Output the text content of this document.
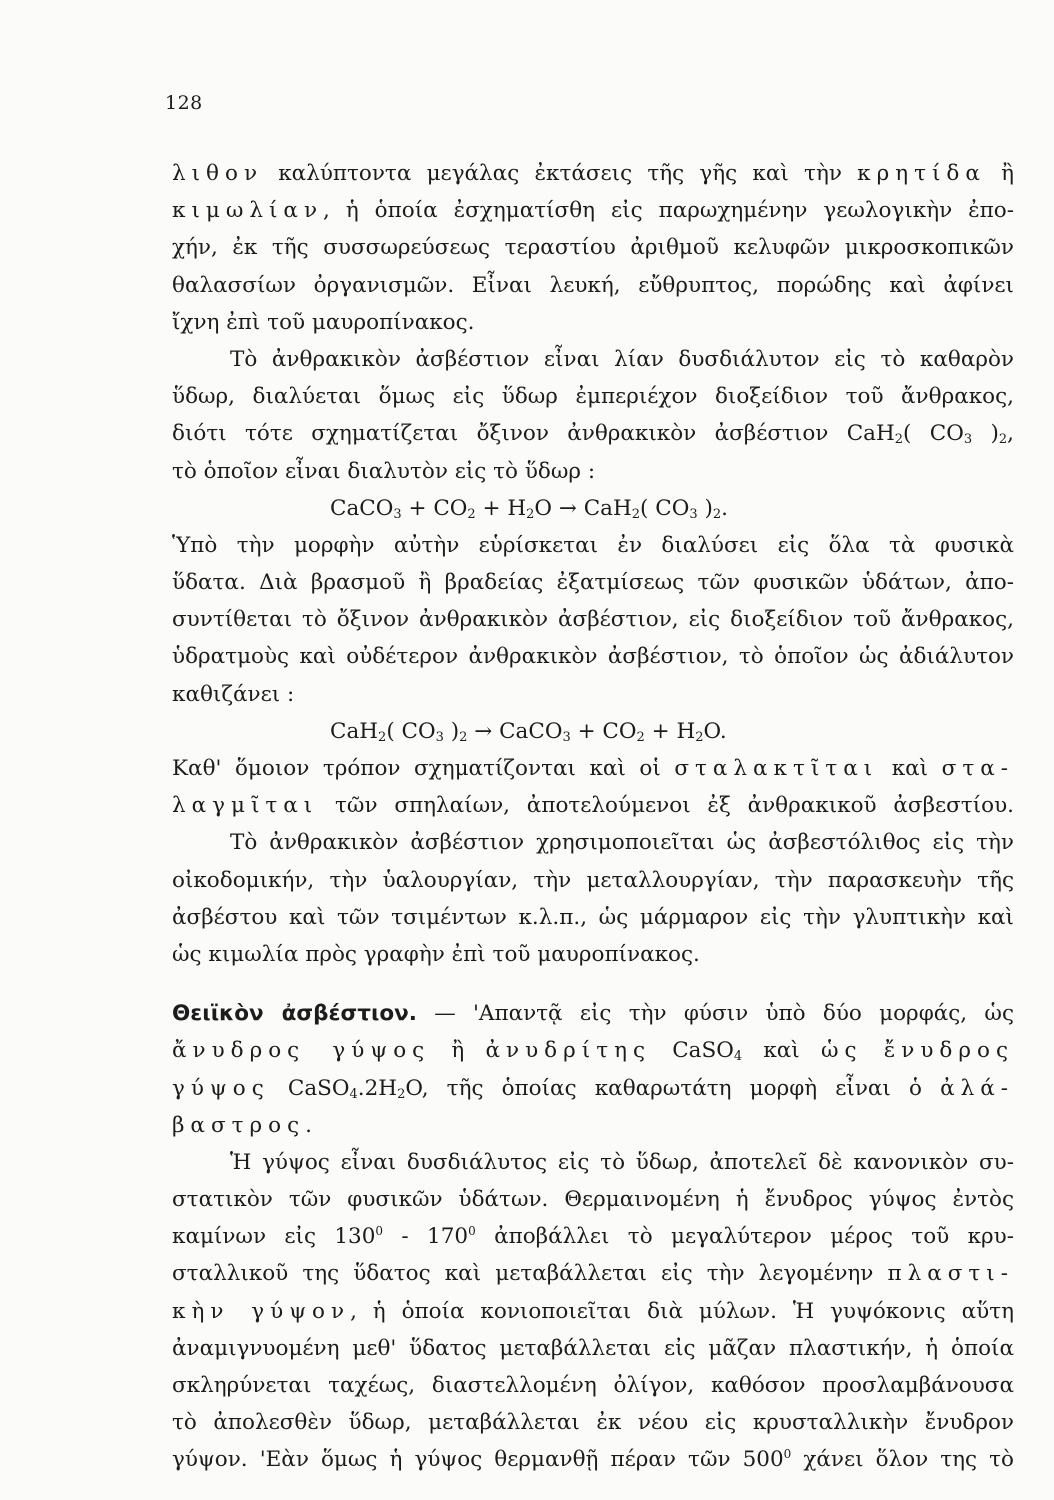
128
λιθον καλύπτοντα μεγάλας ἐκτάσεις τῆς γῆς καὶ τὴν κρητίδα ἢ
κιμωλίαν, ἡ ὁποία ἐσχηματίσθη εἰς παρωχημένην γεωλογικὴν ἐπο-
χήν, ἐκ τῆς συσσωρεύσεως τεραστίου ἀριθμοῦ κελυφῶν μικροσκοπικῶν
θαλασσίων ὀργανισμῶν. Εἶναι λευκή, εὔθρυπτος, πορώδης καὶ ἀφίνει
ἴχνη ἐπὶ τοῦ μαυροπίνακος.
Τὸ ἀνθρακικὸν ἀσβέστιον εἶναι λίαν δυσδιάλυτον εἰς τὸ καθαρὸν
ὕδωρ, διαλύεται ὅμως εἰς ὕδωρ ἐμπεριέχον διοξείδιον τοῦ ἄνθρακος,
διότι τότε σχηματίζεται ὄξινον ἀνθρακικὸν ἀσβέστιον CaH$_2$( $CO_3$ )$_2$,
τὸ ὁποῖον εἶναι διαλυτὸν εἰς τὸ ὕδωρ :
CaCO$_3$ + $CO_2 + H_2O \to CaH_2$( $CO_3$ )$_2$.
Ὑπὸ τὴν μορφὴν αὐτὴν εὑρίσκεται ἐν διαλύσει εἰς ὅλα τὰ φυσικὰ
ὕδατα. Διὰ βρασμοῦ ἢ βραδείας ἐξατμίσεως τῶν φυσικῶν ὑδάτων, ἀπο-
συντίθεται τὸ ὄξινον ἀνθρακικὸν ἀσβέστιον, εἰς διοξείδιον τοῦ ἄνθρακος,
ὑδρατμοὺς καὶ οὐδέτερον ἀνθρακικὸν ἀσβέστιον, τὸ ὁποῖον ὡς ἀδιάλυτον
καθιζάνει :
CaH$_2$( $CO_3$ )$_2$ → CaCO$_3$ + $CO_2 + H_2O$.
Καθ' ὅμοιον τρόπον σχηματίζονται καὶ οἱ σταλακτῖται καὶ στα-
λαγμῖται τῶν σπηλαίων, ἀποτελούμενοι ἐξ ἀνθρακικοῦ ἀσβεστίου.
Τὸ ἀνθρακικὸν ἀσβέστιον χρησιμοποιεῖται ὡς ἀσβεστόλιθος εἰς τὴν
οἰκοδομικήν, τὴν ὑαλουργίαν, τὴν μεταλλουργίαν, τὴν παρασκευὴν τῆς
ἀσβέστου καὶ τῶν τσιμέντων κ.λ.π., ὡς μάρμαρον εἰς τὴν γλυπτικὴν καὶ
ὡς κιμωλία πρὸς γραφὴν ἐπὶ τοῦ μαυροπίνακος.
Θειϊκὸν ἀσβέστιον. — 'Απαντᾷ εἰς τὴν φύσιν ὑπὸ δύο μορφάς, ὡς
ἄνυδρος γύψος ἢ ἀνυδρίτης CaSO$_4$ καὶ ὡς ἔνυδρος
γύψος $CaSO_4.2H_2O$, τῆς ὁποίας καθαρωτάτη μορφὴ εἶναι ὁ ἀλά-
βαστρος.
Ἡ γύψος εἶναι δυσδιάλυτος εἰς τὸ ὕδωρ, ἀποτελεῖ δὲ κανονικὸν συ-
στατικὸν τῶν φυσικῶν ὑδάτων. Θερμαινομένη ἡ ἔνυδρος γύψος ἐντὸς
καμίνων εἰς $130^0 - 170^0$ ἀποβάλλει τὸ μεγαλύτερον μέρος τοῦ κρυ-
σταλλικοῦ της ὕδατος καὶ μεταβάλλεται εἰς τὴν λεγομένην πλαστι-
κὴν γύψον, ἡ ὁποία κονιοποιεῖται διὰ μύλων. Ἡ γυψόκονις αὕτη
ἀναμιγνυομένη μεθ' ὕδατος μεταβάλλεται εἰς μᾶζαν πλαστικήν, ἡ ὁποία
σκληρύνεται ταχέως, διαστελλομένη ὀλίγον, καθόσον προσλαμβάνουσα
τὸ ἀπολεσθὲν ὕδωρ, μεταβάλλεται ἐκ νέου εἰς κρυσταλλικὴν ἔνυδρον
γύψον. 'Εὰν ὅμως ἡ γύψος θερμανθῇ πέραν τῶν $500^0$ χάνει ὅλον της τὸ
